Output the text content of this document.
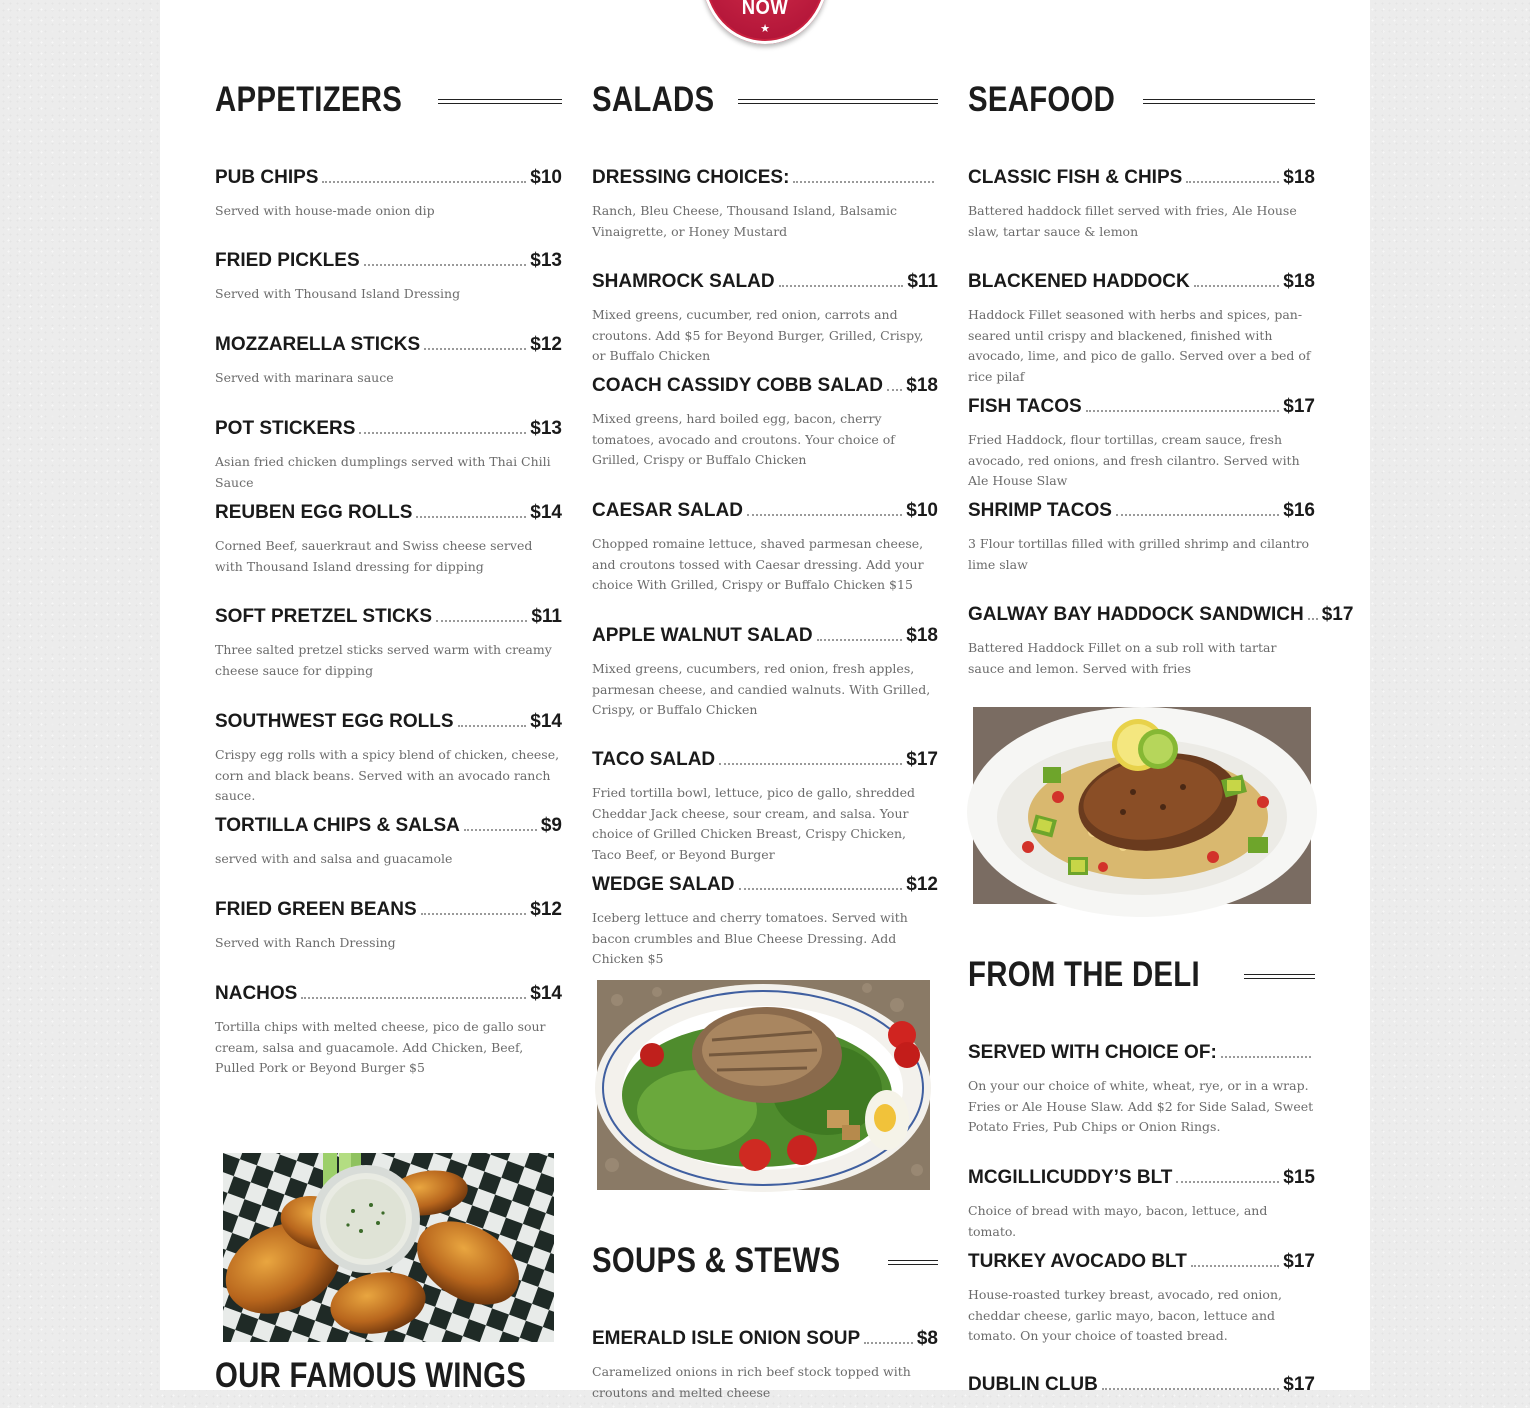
NOW
★
APPETIZERS
PUB CHIPS	$10
Served with house-made onion dip
FRIED PICKLES	$13
Served with Thousand Island Dressing
MOZZARELLA STICKS	$12
Served with marinara sauce
POT STICKERS	$13
Asian fried chicken dumplings served with Thai Chili Sauce
REUBEN EGG ROLLS	$14
Corned Beef, sauerkraut and Swiss cheese served with Thousand Island dressing for dipping
SOFT PRETZEL STICKS	$11
Three salted pretzel sticks served warm with creamy cheese sauce for dipping
SOUTHWEST EGG ROLLS	$14
Crispy egg rolls with a spicy blend of chicken, cheese, corn and black beans. Served with an avocado ranch sauce.
TORTILLA CHIPS & SALSA	$9
served with and salsa and guacamole
FRIED GREEN BEANS	$12
Served with Ranch Dressing
NACHOS	$14
Tortilla chips with melted cheese, pico de gallo sour cream, salsa and guacamole. Add Chicken, Beef, Pulled Pork or Beyond Burger $5
OUR FAMOUS WINGS
SALADS
DRESSING CHOICES:
Ranch, Bleu Cheese, Thousand Island, Balsamic Vinaigrette, or Honey Mustard
SHAMROCK SALAD	$11
Mixed greens, cucumber, red onion, carrots and croutons. Add $5 for Beyond Burger, Grilled, Crispy, or Buffalo Chicken
COACH CASSIDY COBB SALAD $18
Mixed greens, hard boiled egg, bacon, cherry tomatoes, avocado and croutons. Your choice of Grilled, Crispy or Buffalo Chicken
CAESAR SALAD	$10
Chopped romaine lettuce, shaved parmesan cheese, and croutons tossed with Caesar dressing. Add your choice With Grilled, Crispy or Buffalo Chicken $15
APPLE WALNUT SALAD	$18
Mixed greens, cucumbers, red onion, fresh apples, parmesan cheese, and candied walnuts. With Grilled, Crispy, or Buffalo Chicken
TACO SALAD	$17
Fried tortilla bowl, lettuce, pico de gallo, shredded Cheddar Jack cheese, sour cream, and salsa. Your choice of Grilled Chicken Breast, Crispy Chicken, Taco Beef, or Beyond Burger
WEDGE SALAD	$12
Iceberg lettuce and cherry tomatoes. Served with bacon crumbles and Blue Cheese Dressing. Add Chicken $5
SOUPS & STEWS
EMERALD ISLE ONION SOUP	$8
Caramelized onions in rich beef stock topped with croutons and melted cheese
SEAFOOD
CLASSIC FISH & CHIPS	$18
Battered haddock fillet served with fries, Ale House slaw, tartar sauce & lemon
BLACKENED HADDOCK	$18
Haddock Fillet seasoned with herbs and spices, pan-seared until crispy and blackened, finished with avocado, lime, and pico de gallo. Served over a bed of rice pilaf
FISH TACOS	$17
Fried Haddock, flour tortillas, cream sauce, fresh avocado, red onions, and fresh cilantro. Served with Ale House Slaw
SHRIMP TACOS	$16
3 Flour tortillas filled with grilled shrimp and cilantro lime slaw
GALWAY BAY HADDOCK SANDWICH $17
Battered Haddock Fillet on a sub roll with tartar sauce and lemon. Served with fries
FROM THE DELI
SERVED WITH CHOICE OF:
On your our choice of white, wheat, rye, or in a wrap.
Fries or Ale House Slaw. Add $2 for Side Salad, Sweet Potato Fries, Pub Chips or Onion Rings.
MCGILLICUDDY’S BLT	$15
Choice of bread with mayo, bacon, lettuce, and tomato.
TURKEY AVOCADO BLT	$17
House-roasted turkey breast, avocado, red onion, cheddar cheese, garlic mayo, bacon, lettuce and tomato. On your choice of toasted bread.
DUBLIN CLUB	$17
